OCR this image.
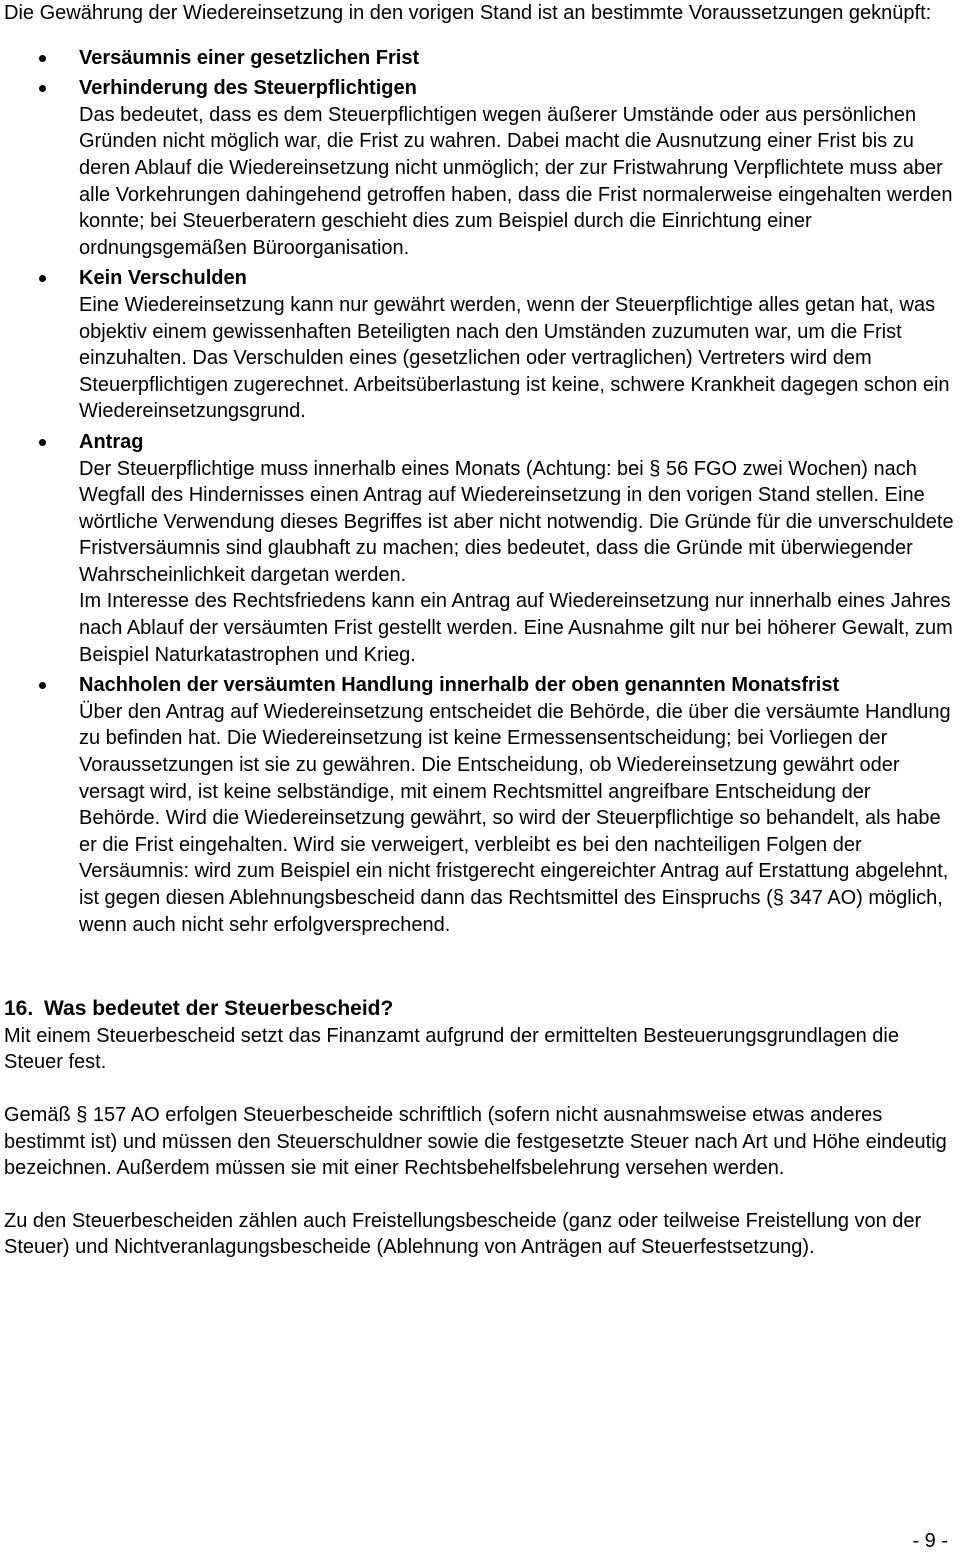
Die Gewährung der Wiedereinsetzung in den vorigen Stand ist an bestimmte Voraussetzungen geknüpft:

Versäumnis einer gesetzlichen Frist
Verhinderung des Steuerpflichtigen

Das bedeutet, dass es dem Steuerpflichtigen wegen äußerer Umstände oder aus persönlichen Gründen nicht möglich war, die Frist zu wahren. Dabei macht die Ausnutzung einer Frist bis zu deren Ablauf die Wiedereinsetzung nicht unmöglich; der zur Fristwahrung Verpflichtete muss aber alle Vorkehrungen dahingehend getroffen haben, dass die Frist normalerweise eingehalten werden konnte; bei Steuerberatern geschieht dies zum Beispiel durch die Einrichtung einer ordnungsgemäßen Büroorganisation.

Kein Verschulden

Eine Wiedereinsetzung kann nur gewährt werden, wenn der Steuerpflichtige alles getan hat, was objektiv einem gewissenhaften Beteiligten nach den Umständen zuzumuten war, um die Frist einzuhalten. Das Verschulden eines (gesetzlichen oder vertraglichen) Vertreters wird dem Steuerpflichtigen zugerechnet. Arbeitsüberlastung ist keine, schwere Krankheit dagegen schon ein Wiedereinsetzungsgrund.

Antrag

Der Steuerpflichtige muss innerhalb eines Monats (Achtung: bei § 56 FGO zwei Wochen) nach Wegfall des Hindernisses einen Antrag auf Wiedereinsetzung in den vorigen Stand stellen. Eine wörtliche Verwendung dieses Begriffes ist aber nicht notwendig. Die Gründe für die unverschuldete Fristversäumnis sind glaubhaft zu machen; dies bedeutet, dass die Gründe mit überwiegender Wahrscheinlichkeit dargetan werden.

Im Interesse des Rechtsfriedens kann ein Antrag auf Wiedereinsetzung nur innerhalb eines Jahres nach Ablauf der versäumten Frist gestellt werden. Eine Ausnahme gilt nur bei höherer Gewalt, zum Beispiel Naturkatastrophen und Krieg.

Nachholen der versäumten Handlung innerhalb der oben genannten Monatsfrist

Über den Antrag auf Wiedereinsetzung entscheidet die Behörde, die über die versäumte Handlung zu befinden hat. Die Wiedereinsetzung ist keine Ermessensentscheidung; bei Vorliegen der Voraussetzungen ist sie zu gewähren. Die Entscheidung, ob Wiedereinsetzung gewährt oder versagt wird, ist keine selbständige, mit einem Rechtsmittel angreifbare Entscheidung der Behörde. Wird die Wiedereinsetzung gewährt, so wird der Steuerpflichtige so behandelt, als habe er die Frist eingehalten. Wird sie verweigert, verbleibt es bei den nachteiligen Folgen der Versäumnis: wird zum Beispiel ein nicht fristgerecht eingereichter Antrag auf Erstattung abgelehnt, ist gegen diesen Ablehnungsbescheid dann das Rechtsmittel des Einspruchs (§ 347 AO) möglich, wenn auch nicht sehr erfolgversprechend.

16. Was bedeutet der Steuerbescheid?

Mit einem Steuerbescheid setzt das Finanzamt aufgrund der ermittelten Besteuerungsgrundlagen die Steuer fest.

Gemäß § 157 AO erfolgen Steuerbescheide schriftlich (sofern nicht ausnahmsweise etwas anderes bestimmt ist) und müssen den Steuerschuldner sowie die festgesetzte Steuer nach Art und Höhe eindeutig bezeichnen. Außerdem müssen sie mit einer Rechtsbehelfsbelehrung versehen werden.

Zu den Steuerbescheiden zählen auch Freistellungsbescheide (ganz oder teilweise Freistellung von der Steuer) und Nichtveranlagungsbescheide (Ablehnung von Anträgen auf Steuerfestsetzung).

- 9 -
